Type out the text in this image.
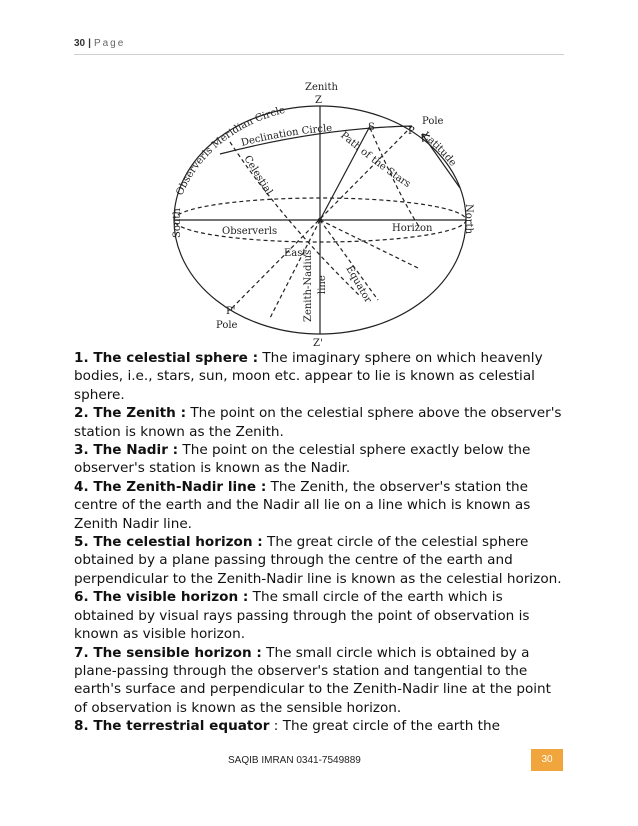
30 | Page
Zenith
Z
Z'
Pole
P
S
P'
Pole
Observerls Meridian Circle
Declination Circle
Path of the Stars
Latitude
Celestial
South	North
Observerls	Horizon
East
Zenith-Nadius line Equator

1. The celestial sphere : The imaginary sphere on which heavenly bodies, i.e., stars, sun, moon etc. appear to lie is known as celestial sphere.

2. The Zenith : The point on the celestial sphere above the observer's station is known as the Zenith.

3. The Nadir : The point on the celestial sphere exactly below the observer's station is known as the Nadir.

4. The Zenith-Nadir line : The Zenith, the observer's station the centre of the earth and the Nadir all lie on a line which is known as Zenith Nadir line.

5. The celestial horizon : The great circle of the celestial sphere obtained by a plane passing through the centre of the earth and perpendicular to the Zenith-Nadir line is known as the celestial horizon.

6. The visible horizon : The small circle of the earth which is obtained by visual rays passing through the point of observation is known as visible horizon.

7. The sensible horizon : The small circle which is obtained by a plane-passing through the observer's station and tangential to the earth's surface and perpendicular to the Zenith-Nadir line at the point of observation is known as the sensible horizon.

8. The terrestrial equator : The great circle of the earth the

SAQIB IMRAN 0341-7549889	30
